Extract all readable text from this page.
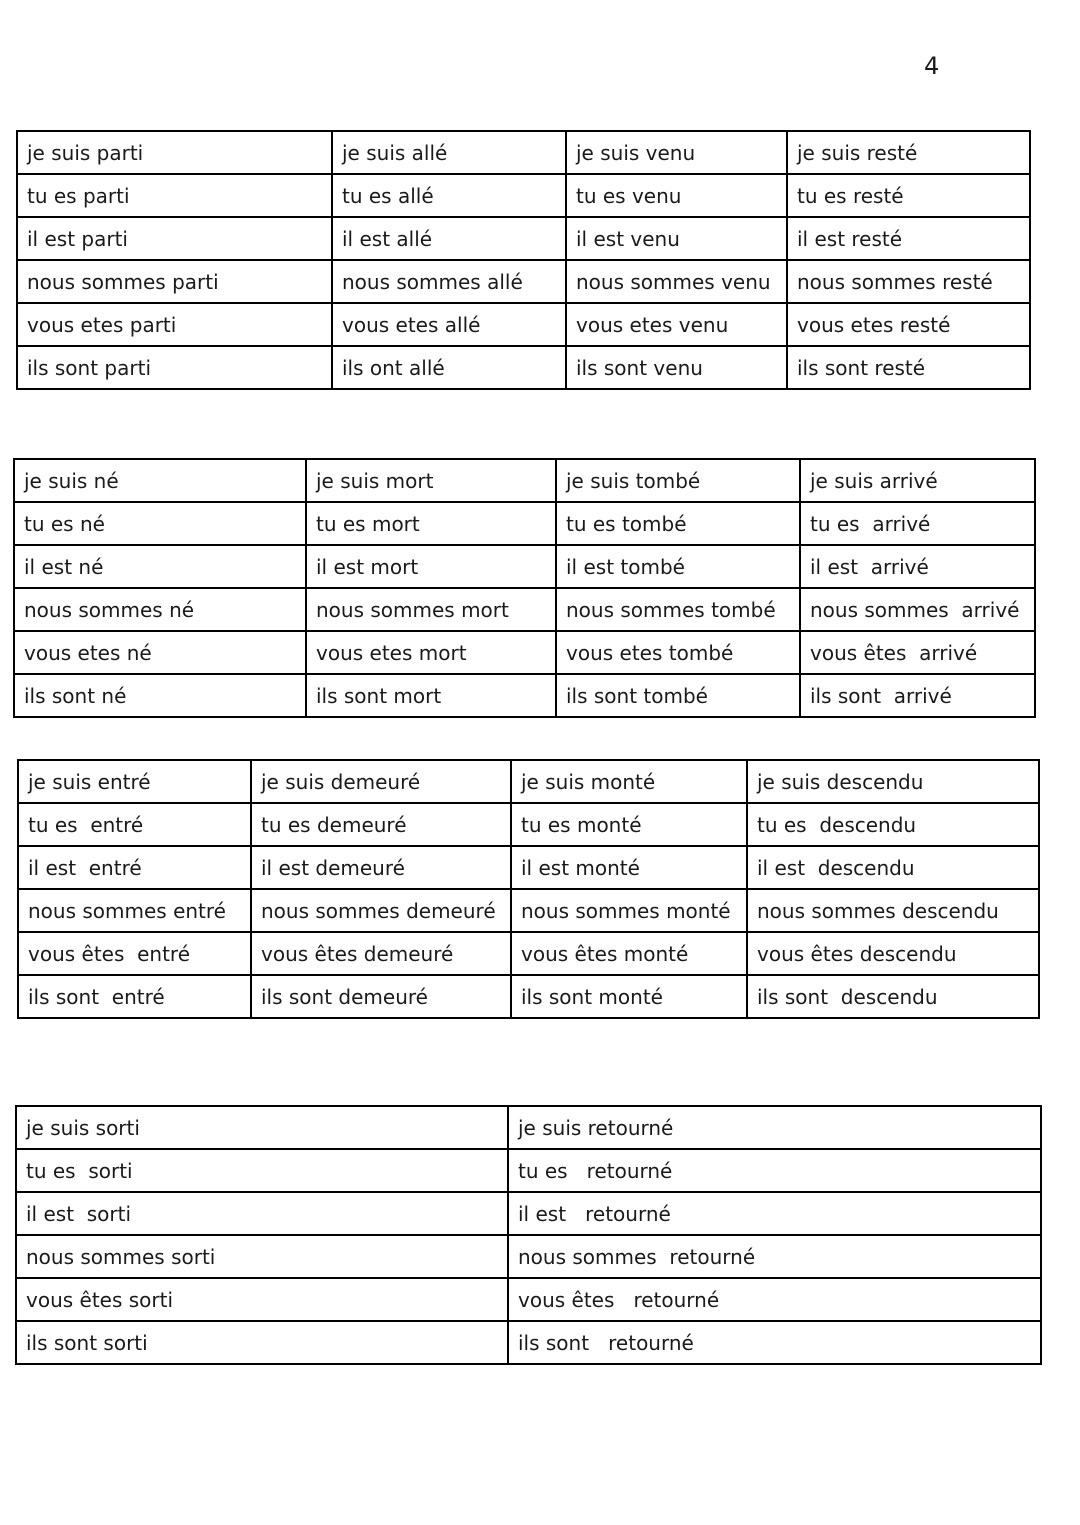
4
je suis parti	je suis allé	je suis venu	je suis resté
tu es parti	tu es allé	tu es venu	tu es resté
il est parti	il est allé	il est venu	il est resté
nous sommes parti	nous sommes allé	nous sommes venu	nous sommes resté
vous etes parti	vous etes allé	vous etes venu	vous etes resté
ils sont parti	ils ont allé	ils sont venu	ils sont resté
je suis né	je suis mort	je suis tombé	je suis arrivé
tu es né	tu es mort	tu es tombé	tu es  arrivé
il est né	il est mort	il est tombé	il est  arrivé
nous sommes né	nous sommes mort	nous sommes tombé	nous sommes  arrivé
vous etes né	vous etes mort	vous etes tombé	vous êtes  arrivé
ils sont né	ils sont mort	ils sont tombé	ils sont  arrivé
je suis entré	je suis demeuré	je suis monté	je suis descendu
tu es  entré	tu es demeuré	tu es monté	tu es  descendu
il est  entré	il est demeuré	il est monté	il est  descendu
nous sommes entré	nous sommes demeuré	nous sommes monté	nous sommes descendu
vous êtes  entré	vous êtes demeuré	vous êtes monté	vous êtes descendu
ils sont  entré	ils sont demeuré	ils sont monté	ils sont  descendu
je suis sorti	je suis retourné
tu es  sorti	tu es   retourné
il est  sorti	il est   retourné
nous sommes sorti	nous sommes  retourné
vous êtes sorti	vous êtes   retourné
ils sont sorti	ils sont   retourné
